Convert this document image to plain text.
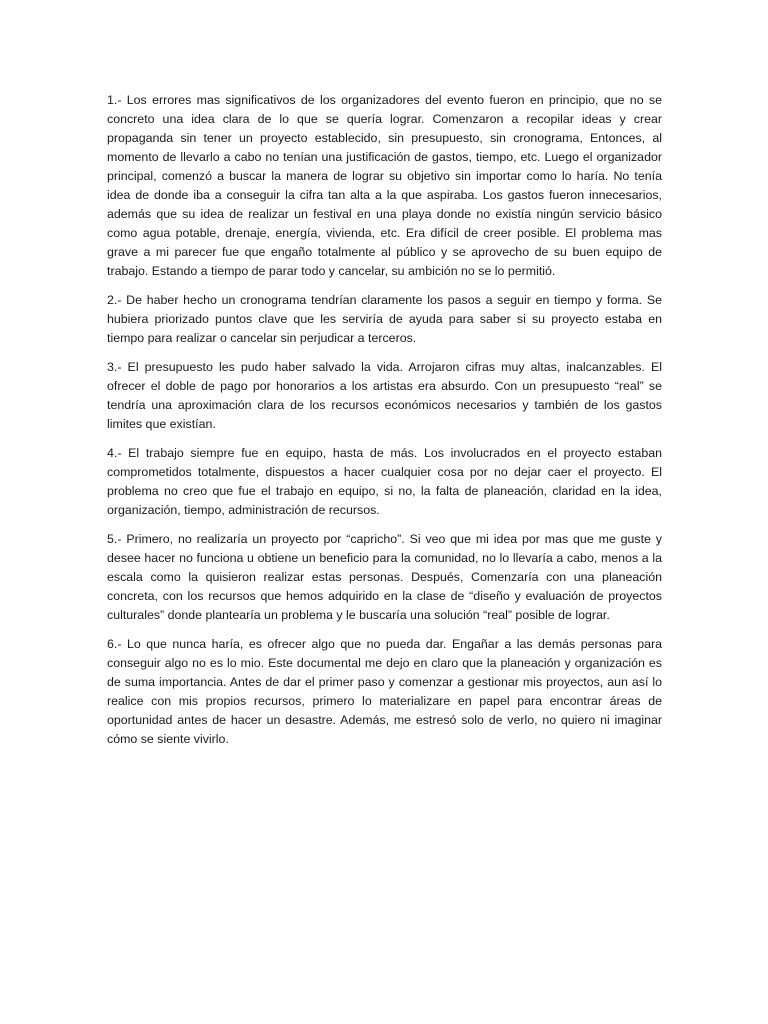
1.- Los errores mas significativos de los organizadores del evento fueron en principio, que no se concreto una idea clara de lo que se quería lograr. Comenzaron a recopilar ideas y crear propaganda sin tener un proyecto establecido, sin presupuesto, sin cronograma, Entonces, al momento de llevarlo a cabo no tenían una justificación de gastos, tiempo, etc. Luego el organizador principal, comenzó a buscar la manera de lograr su objetivo sin importar como lo haría. No tenía idea de donde iba a conseguir la cifra tan alta a la que aspiraba. Los gastos fueron innecesarios, además que su idea de realizar un festival en una playa donde no existía ningún servicio básico como agua potable, drenaje, energía, vivienda, etc. Era difícil de creer posible. El problema mas grave a mi parecer fue que engaño totalmente al público y se aprovecho de su buen equipo de trabajo. Estando a tiempo de parar todo y cancelar, su ambición no se lo permitió.

2.- De haber hecho un cronograma tendrían claramente los pasos a seguir en tiempo y forma. Se hubiera priorizado puntos clave que les serviría de ayuda para saber si su proyecto estaba en tiempo para realizar o cancelar sin perjudicar a terceros.

3.- El presupuesto les pudo haber salvado la vida. Arrojaron cifras muy altas, inalcanzables. El ofrecer el doble de pago por honorarios a los artistas era absurdo. Con un presupuesto “real” se tendría una aproximación clara de los recursos económicos necesarios y también de los gastos limites que existían.

4.- El trabajo siempre fue en equipo, hasta de más. Los involucrados en el proyecto estaban comprometidos totalmente, dispuestos a hacer cualquier cosa por no dejar caer el proyecto. El problema no creo que fue el trabajo en equipo, si no, la falta de planeación, claridad en la idea, organización, tiempo, administración de recursos.

5.- Primero, no realizaría un proyecto por “capricho”. Si veo que mi idea por mas que me guste y desee hacer no funciona u obtiene un beneficio para la comunidad, no lo llevaría a cabo, menos a la escala como la quisieron realizar estas personas. Después, Comenzaría con una planeación concreta, con los recursos que hemos adquirido en la clase de “diseño y evaluación de proyectos culturales” donde plantearía un problema y le buscaría una solución “real” posible de lograr.

6.- Lo que nunca haría, es ofrecer algo que no pueda dar. Engañar a las demás personas para conseguir algo no es lo mio. Este documental me dejo en claro que la planeación y organización es de suma importancia. Antes de dar el primer paso y comenzar a gestionar mis proyectos, aun así lo realice con mis propios recursos, primero lo materializare en papel para encontrar áreas de oportunidad antes de hacer un desastre. Además, me estresó solo de verlo, no quiero ni imaginar cómo se siente vivirlo.
